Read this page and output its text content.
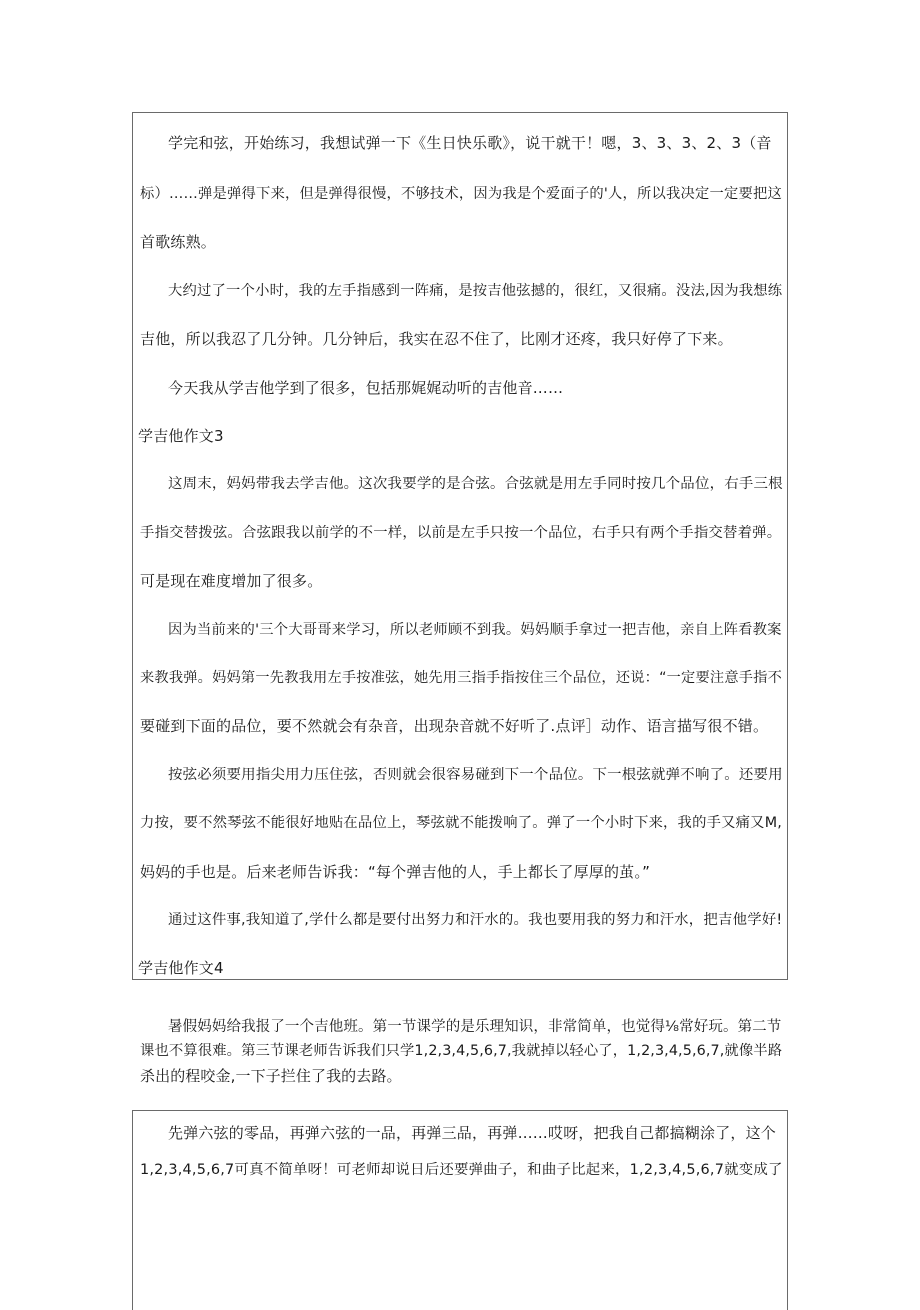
学完和弦，开始练习，我想试弹一下《生日快乐歌》，说干就干！嗯，3、3、3、2、3（音
标）……弹是弹得下来，但是弹得很慢，不够技术，因为我是个爱面子的'人，所以我决定一定要把这
首歌练熟。
大约过了一个小时，我的左手指感到一阵痛，是按吉他弦撼的，很红，又很痛。没法,因为我想练
吉他，所以我忍了几分钟。几分钟后，我实在忍不住了，比刚才还疼，我只好停了下来。
今天我从学吉他学到了很多，包括那娓娓动听的吉他音……
学吉他作文3
这周末，妈妈带我去学吉他。这次我要学的是合弦。合弦就是用左手同时按几个品位，右手三根
手指交替拨弦。合弦跟我以前学的不一样，以前是左手只按一个品位，右手只有两个手指交替着弹。
可是现在难度增加了很多。
因为当前来的'三个大哥哥来学习，所以老师顾不到我。妈妈顺手拿过一把吉他，亲自上阵看教案
来教我弹。妈妈第一先教我用左手按准弦，她先用三指手指按住三个品位，还说：“一定要注意手指不
要碰到下面的品位，要不然就会有杂音，出现杂音就不好听了.点评］动作、语言描写很不错。
按弦必须要用指尖用力压住弦，否则就会很容易碰到下一个品位。下一根弦就弹不响了。还要用
力按，要不然琴弦不能很好地贴在品位上，琴弦就不能拨响了。弹了一个小时下来，我的手又痛又M,
妈妈的手也是。后来老师告诉我：“每个弹吉他的人，手上都长了厚厚的茧。”
通过这件事,我知道了,学什么都是要付出努力和汗水的。我也要用我的努力和汗水，把吉他学好!
学吉他作文4
暑假妈妈给我报了一个吉他班。第一节课学的是乐理知识，非常简单，也觉得⅛常好玩。第二节
课也不算很难。第三节课老师告诉我们只学1,2,3,4,5,6,7,我就掉以轻心了，1,2,3,4,5,6,7,就像半路
杀出的程咬金,一下子拦住了我的去路。
先弹六弦的零品，再弹六弦的一品，再弹三品，再弹……哎呀，把我自己都搞糊涂了，这个
1,2,3,4,5,6,7可真不简单呀！可老师却说日后还要弹曲子，和曲子比起来，1,2,3,4,5,6,7就变成了
